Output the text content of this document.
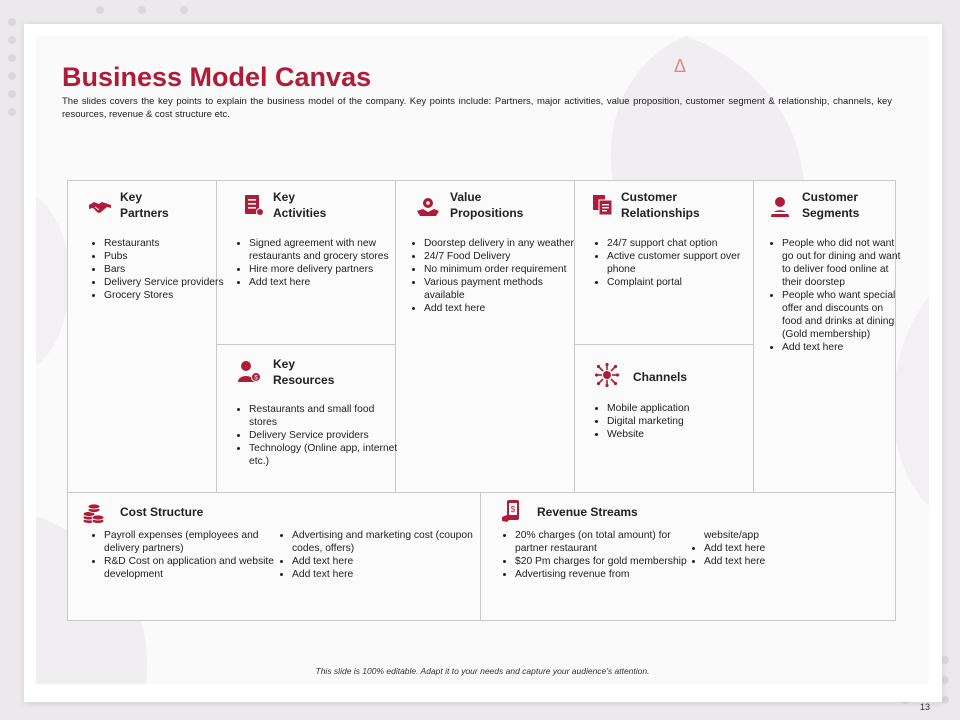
Business Model Canvas	Δ

The slides covers the key points to explain the business model of the company. Key points include: Partners, major activities, value proposition, customer segment & relationship, channels, key resources, revenue & cost structure etc.

Key
Partners
• Restaurants
• Pubs
• Bars
• Delivery Service providers
• Grocery Stores
Key
Activities
• Signed agreement with new restaurants and grocery stores
• Hire more delivery partners
• Add text here
$
Key
Resources
• Restaurants and small food stores
• Delivery Service providers
• Technology (Online app, internet etc.)
Value
Propositions
• Doorstep delivery in any weather
• 24/7 Food Delivery
• No minimum order requirement
• Various payment methods available
• Add text here
Customer
Relationships
• 24/7 support chat option
• Active customer support over phone
• Complaint portal
Channels
• Mobile application
• Digital marketing
• Website
Customer
Segments
• People who did not want go out for dining and want to deliver food online at their doorstep
• People who want special offer and discounts on food and drinks at dining (Gold membership)
• Add text here
Cost Structure
• Payroll expenses (employees and delivery partners)
• R&D Cost on application and website development
• Advertising and marketing cost (coupon codes, offers)
• Add text here
• Add text here
$ Revenue Streams
• 20% charges (on total amount) for partner restaurant
• $20 Pm charges for gold membership
• Advertising revenue from
website/app
• Add text here
• Add text here
This slide is 100% editable. Adapt it to your needs and capture your audience's attention.
13
